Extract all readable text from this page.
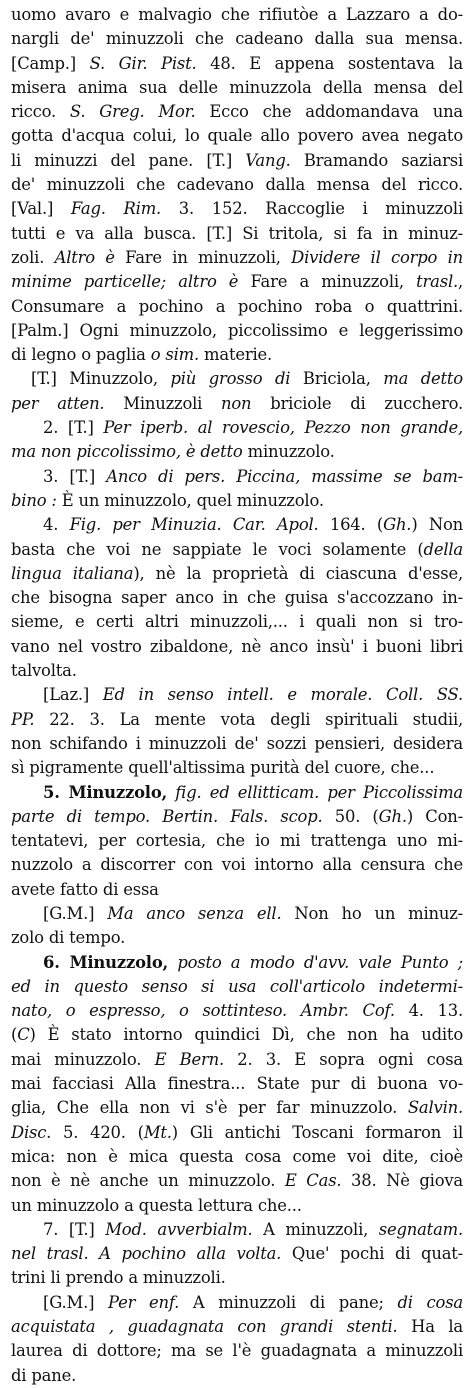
uomo avaro e malvagio che rifiutòe a Lazzaro a do-
nargli de' minuzzoli che cadeano dalla sua mensa.
[Camp.] S. Gir. Pist. 48. E appena sostentava la
misera anima sua delle minuzzola della mensa del
ricco. S. Greg. Mor. Ecco che addomandava una
gotta d'acqua colui, lo quale allo povero avea negato
li minuzzi del pane. [T.] Vang. Bramando saziarsi
de' minuzzoli che cadevano dalla mensa del ricco.
[Val.] Fag. Rim. 3. 152. Raccoglie i minuzzoli
tutti e va alla busca. [T.] Si tritola, si fa in minuz-
zoli. Altro è Fare in minuzzoli, Dividere il corpo in
minime particelle; altro è Fare a minuzzoli, trasl.,
Consumare a pochino a pochino roba o quattrini.
[Palm.] Ogni minuzzolo, piccolissimo e leggerissimo
di legno o paglia o sim. materie.
[T.] Minuzzolo, più grosso di Briciola, ma detto
per atten. Minuzzoli non briciole di zucchero.
2. [T.] Per iperb. al rovescio, Pezzo non grande,
ma non piccolissimo, è detto minuzzolo.
3. [T.] Anco di pers. Piccina, massime se bam-
bino : È un minuzzolo, quel minuzzolo.
4. Fig. per Minuzia. Car. Apol. 164. (Gh.) Non
basta che voi ne sappiate le voci solamente (della
lingua italiana), nè la proprietà di ciascuna d'esse,
che bisogna saper anco in che guisa s'accozzano in-
sieme, e certi altri minuzzoli,... i quali non si tro-
vano nel vostro zibaldone, nè anco insù' i buoni libri
talvolta.
[Laz.] Ed in senso intell. e morale. Coll. SS.
PP. 22. 3. La mente vota degli spirituali studii,
non schifando i minuzzoli de' sozzi pensieri, desidera
sì pigramente quell'altissima purità del cuore, che...
5. Minuzzolo, fig. ed ellitticam. per Piccolissima
parte di tempo. Bertin. Fals. scop. 50. (Gh.) Con-
tentatevi, per cortesia, che io mi trattenga uno mi-
nuzzolo a discorrer con voi intorno alla censura che
avete fatto di essa
[G.M.] Ma anco senza ell. Non ho un minuz-
zolo di tempo.
6. Minuzzolo, posto a modo d'avv. vale Punto ;
ed in questo senso si usa coll'articolo indetermi-
nato, o espresso, o sottinteso. Ambr. Cof. 4. 13.
(C) È stato intorno quindici Dì, che non ha udito
mai minuzzolo. E Bern. 2. 3. E sopra ogni cosa
mai facciasi Alla finestra... State pur di buona vo-
glia, Che ella non vi s'è per far minuzzolo. Salvin.
Disc. 5. 420. (Mt.) Gli antichi Toscani formaron il
mica: non è mica questa cosa come voi dite, cioè
non è nè anche un minuzzolo. E Cas. 38. Nè giova
un minuzzolo a questa lettura che...
7. [T.] Mod. avverbialm. A minuzzoli, segnatam.
nel trasl. A pochino alla volta. Que' pochi di quat-
trini li prendo a minuzzoli.
[G.M.] Per enf. A minuzzoli di pane; di cosa
acquistata , guadagnata con grandi stenti. Ha la
laurea di dottore; ma se l'è guadagnata a minuzzoli
di pane.
